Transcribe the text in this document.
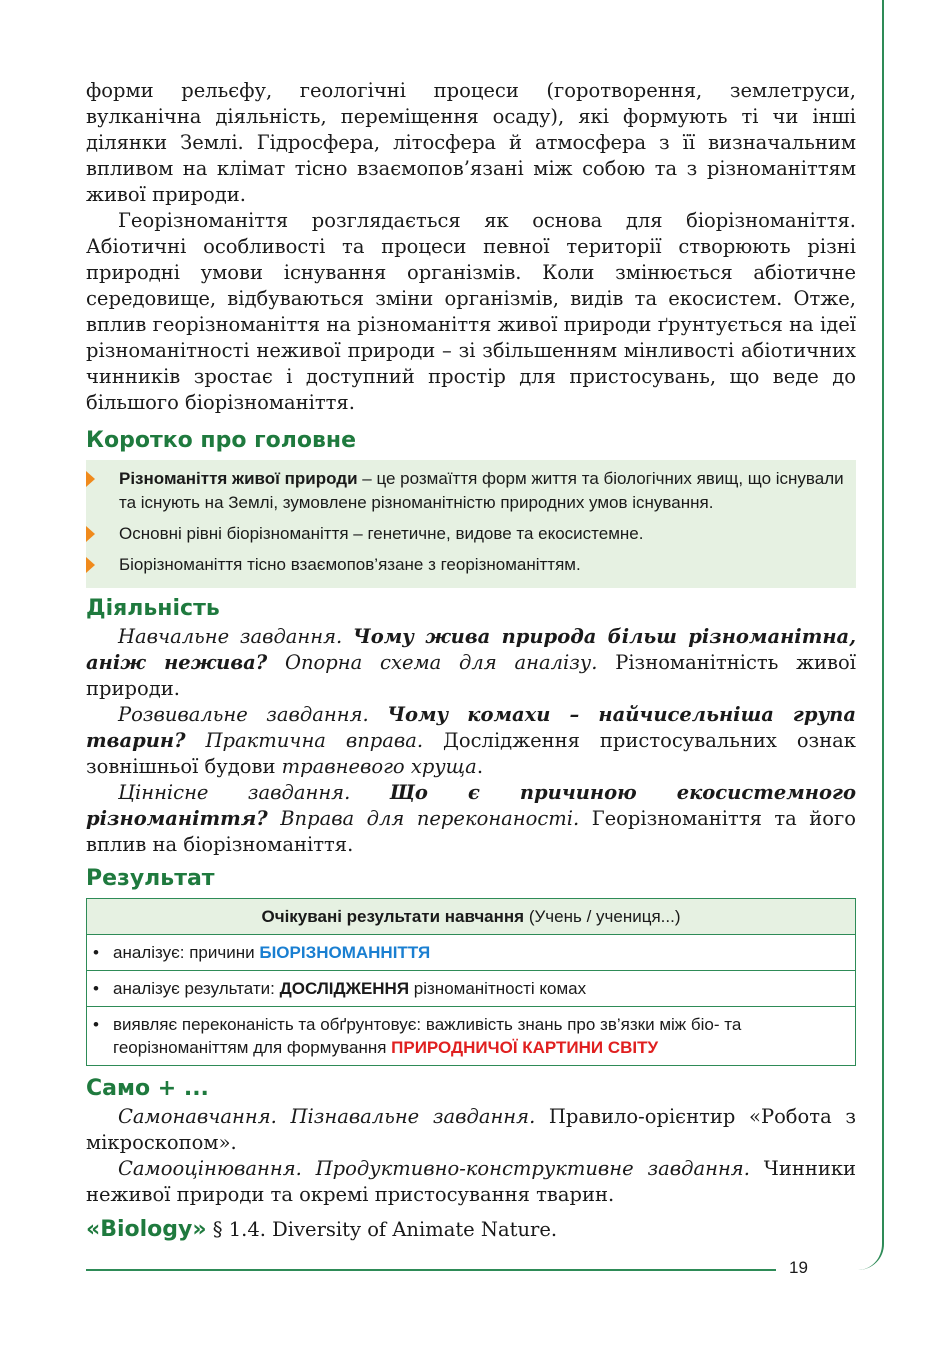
форми рельєфу, геологічні процеси (горотворення, землетруси, вулканічна діяльність, переміщення осаду), які формують ті чи інші ділянки Землі. Гідросфера, літосфера й атмосфера з її визначальним впливом на клімат тісно взаємопов’язані між собою та з різноманіттям живої природи.

Георізноманіття розглядається як основа для біорізноманіття. Абіотичні особливості та процеси певної території створюють різні природні умови існування організмів. Коли змінюється абіотичне середовище, відбуваються зміни організмів, видів та екосистем. Отже, вплив георізноманіття на різноманіття живої природи ґрунтується на ідеї різноманітності неживої природи – зі збільшенням мінливості абіотичних чинників зростає і доступний простір для пристосувань, що веде до більшого біорізноманіття.

Коротко про головне
Різноманіття живої природи – це розмаїття форм життя та біологічних явищ, що існували та існують на Землі, зумовлене різноманітністю природних умов існування.
Основні рівні біорізноманіття – генетичне, видове та екосистемне.
Біорізноманіття тісно взаємопов’язане з георізноманіттям.
Діяльність

Навчальне завдання. Чому жива природа більш різноманітна, аніж нежива? Опорна схема для аналізу. Різноманітність живої природи.

Розвивальне завдання. Чому комахи – найчисельніша група тварин? Практична вправа. Дослідження пристосувальних ознак зовнішньої будови травневого хруща.

Ціннісне завдання. Що є причиною екосистемного різноманіття? Вправа для переконаності. Георізноманіття та його вплив на біорізноманіття.

Результат
Очікувані результати навчання (Учень / учениця...)
• аналізує: причини БІОРІЗНОМАННІТТЯ
• аналізує результати: ДОСЛІДЖЕННЯ різноманітності комах
• виявляє переконаність та обґрунтовує: важливість знань про зв’язки між біо- та георізноманіттям для формування ПРИРОДНИЧОЇ КАРТИНИ СВІТУ
Само + ...

Самонавчання. Пізнавальне завдання. Правило-орієнтир «Робота з мікроскопом».

Самооцінювання. Продуктивно-конструктивне завдання. Чинники неживої природи та окремі пристосування тварин.

«Biology» § 1.4. Diversity of Animate Nature.

19
